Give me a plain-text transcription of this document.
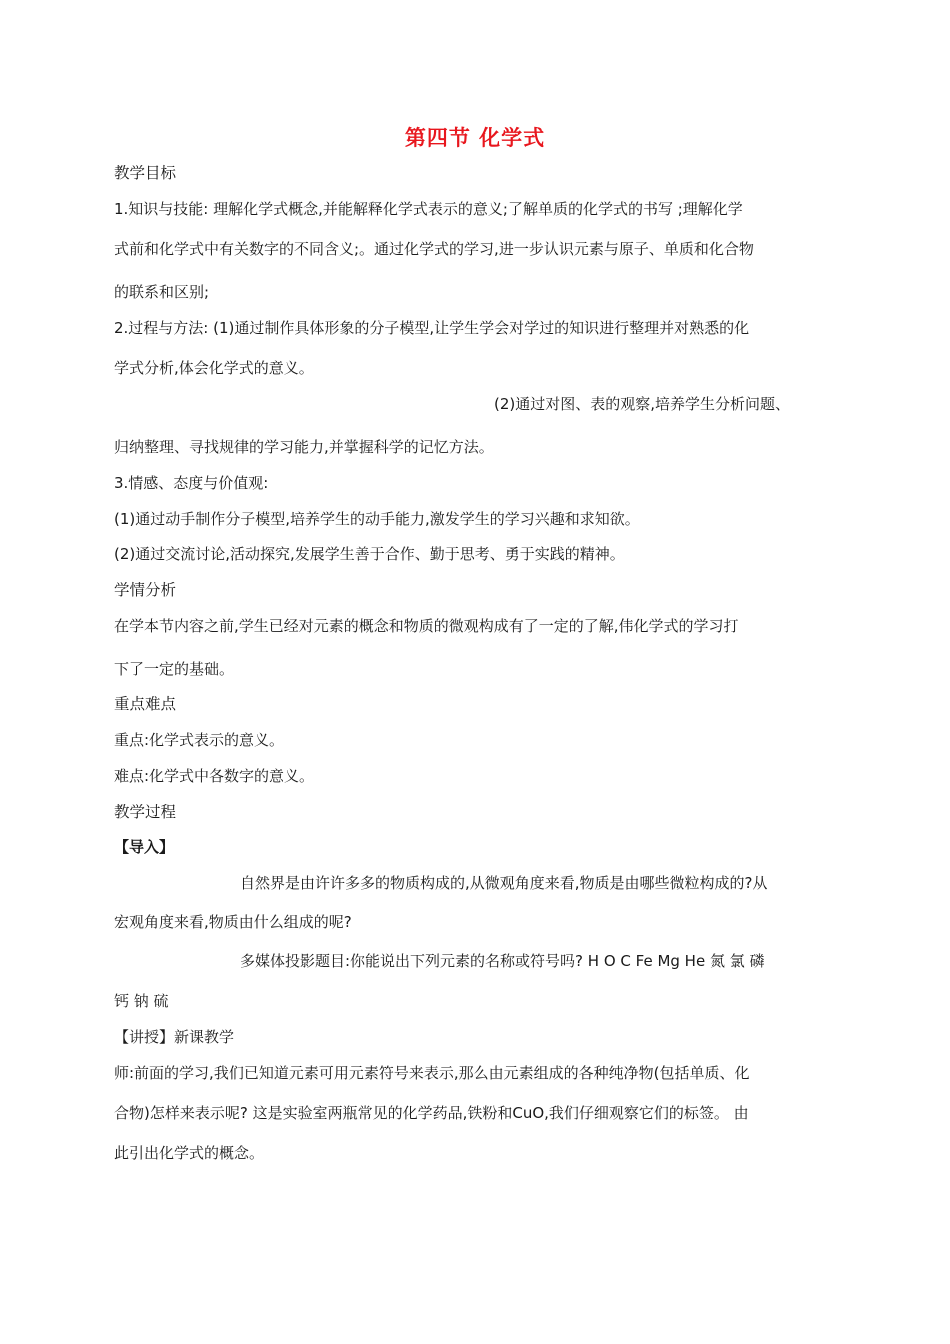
第四节 化学式
教学目标
1.知识与技能: 理解化学式概念,并能解释化学式表示的意义;了解单质的化学式的书写 ;理解化学
式前和化学式中有关数字的不同含义;。通过化学式的学习,进一步认识元素与原子、单质和化合物
的联系和区别;
2.过程与方法: (1)通过制作具体形象的分子模型,让学生学会对学过的知识进行整理并对熟悉的化
学式分析,体会化学式的意义。
(2)通过对图、表的观察,培养学生分析问题、
归纳整理、寻找规律的学习能力,并掌握科学的记忆方法。
3.情感、态度与价值观:
(1)通过动手制作分子模型,培养学生的动手能力,激发学生的学习兴趣和求知欲。
(2)通过交流讨论,活动探究,发展学生善于合作、勤于思考、勇于实践的精神。
学情分析
在学本节内容之前,学生已经对元素的概念和物质的微观构成有了一定的了解,伟化学式的学习打
下了一定的基础。
重点难点
重点:化学式表示的意义。
难点:化学式中各数字的意义。
教学过程
【导入】
自然界是由许许多多的物质构成的,从微观角度来看,物质是由哪些微粒构成的?从
宏观角度来看,物质由什么组成的呢?
多媒体投影题目:你能说出下列元素的名称或符号吗? H O C Fe Mg He 氮 氯 磷
钙 钠 硫
【讲授】新课教学
师:前面的学习,我们已知道元素可用元素符号来表示,那么由元素组成的各种纯净物(包括单质、化
合物)怎样来表示呢? 这是实验室两瓶常见的化学药品,铁粉和CuO,我们仔细观察它们的标签。 由
此引出化学式的概念。
